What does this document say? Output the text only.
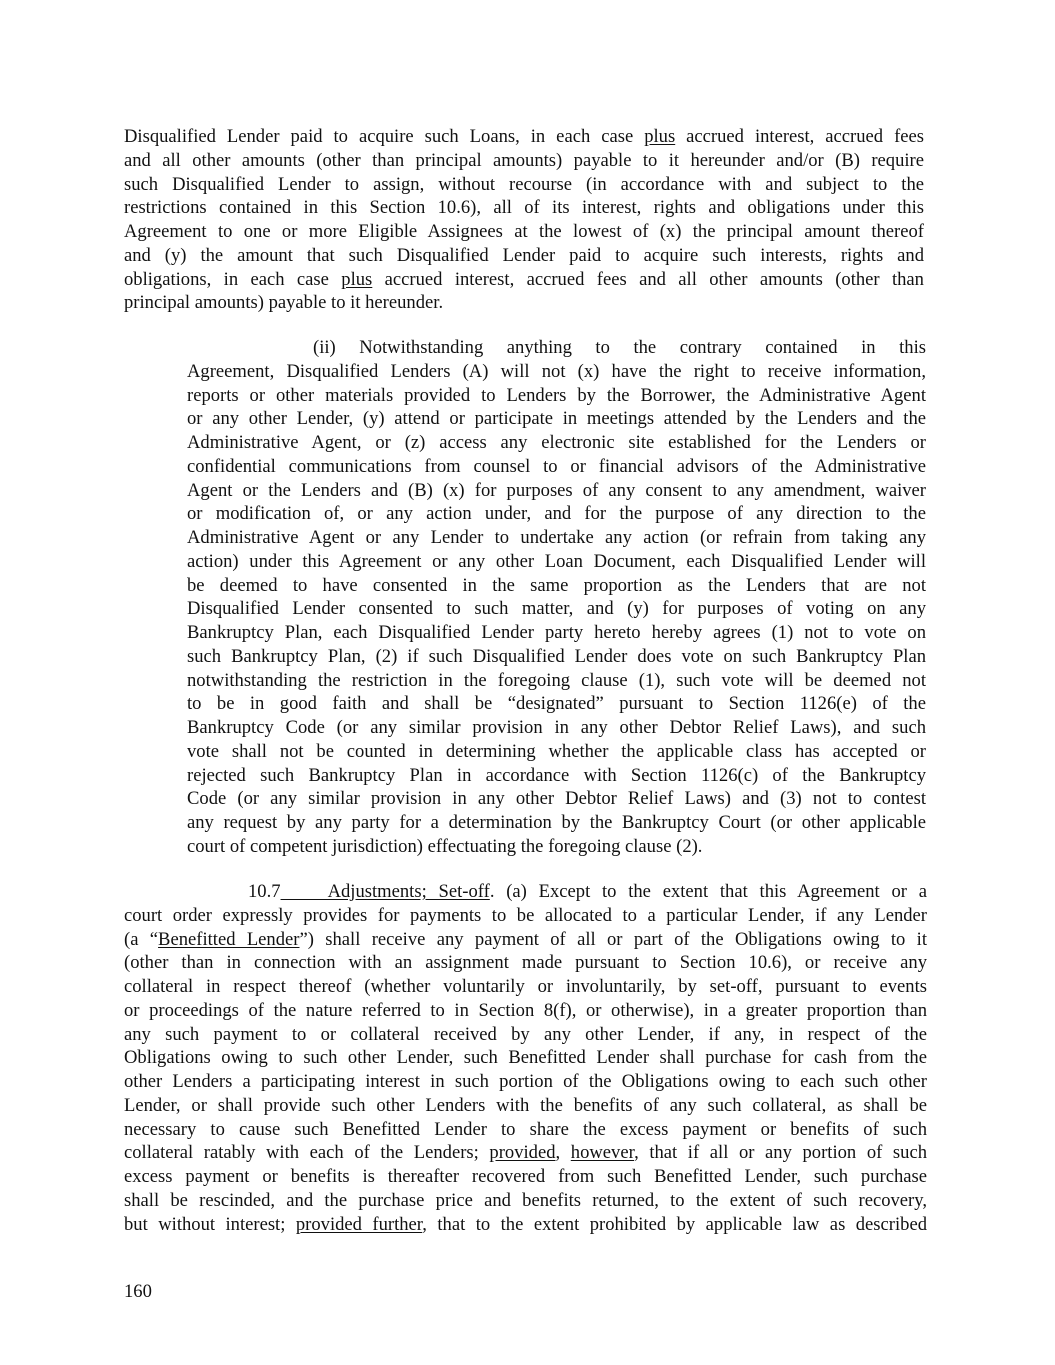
Disqualified Lender paid to acquire such Loans, in each case plus accrued interest, accrued fees
and all other amounts (other than principal amounts) payable to it hereunder and/or (B) require
such Disqualified Lender to assign, without recourse (in accordance with and subject to the
restrictions contained in this Section 10.6), all of its interest, rights and obligations under this
Agreement to one or more Eligible Assignees at the lowest of (x) the principal amount thereof
and (y) the amount that such Disqualified Lender paid to acquire such interests, rights and
obligations, in each case plus accrued interest, accrued fees and all other amounts (other than
principal amounts) payable to it hereunder.
(ii) Notwithstanding anything to the contrary contained in this
Agreement, Disqualified Lenders (A) will not (x) have the right to receive information,
reports or other materials provided to Lenders by the Borrower, the Administrative Agent
or any other Lender, (y) attend or participate in meetings attended by the Lenders and the
Administrative Agent, or (z) access any electronic site established for the Lenders or
confidential communications from counsel to or financial advisors of the Administrative
Agent or the Lenders and (B) (x) for purposes of any consent to any amendment, waiver
or modification of, or any action under, and for the purpose of any direction to the
Administrative Agent or any Lender to undertake any action (or refrain from taking any
action) under this Agreement or any other Loan Document, each Disqualified Lender will
be deemed to have consented in the same proportion as the Lenders that are not
Disqualified Lender consented to such matter, and (y) for purposes of voting on any
Bankruptcy Plan, each Disqualified Lender party hereto hereby agrees (1) not to vote on
such Bankruptcy Plan, (2) if such Disqualified Lender does vote on such Bankruptcy Plan
notwithstanding the restriction in the foregoing clause (1), such vote will be deemed not
to be in good faith and shall be “designated” pursuant to Section 1126(e) of the
Bankruptcy Code (or any similar provision in any other Debtor Relief Laws), and such
vote shall not be counted in determining whether the applicable class has accepted or
rejected such Bankruptcy Plan in accordance with Section 1126(c) of the Bankruptcy
Code (or any similar provision in any other Debtor Relief Laws) and (3) not to contest
any request by any party for a determination by the Bankruptcy Court (or other applicable
court of competent jurisdiction) effectuating the foregoing clause (2).
10.7    Adjustments; Set-off. (a) Except to the extent that this Agreement or a
court order expressly provides for payments to be allocated to a particular Lender, if any Lender
(a “Benefitted Lender”) shall receive any payment of all or part of the Obligations owing to it
(other than in connection with an assignment made pursuant to Section 10.6), or receive any
collateral in respect thereof (whether voluntarily or involuntarily, by set-off, pursuant to events
or proceedings of the nature referred to in Section 8(f), or otherwise), in a greater proportion than
any such payment to or collateral received by any other Lender, if any, in respect of the
Obligations owing to such other Lender, such Benefitted Lender shall purchase for cash from the
other Lenders a participating interest in such portion of the Obligations owing to each such other
Lender, or shall provide such other Lenders with the benefits of any such collateral, as shall be
necessary to cause such Benefitted Lender to share the excess payment or benefits of such
collateral ratably with each of the Lenders; provided, however, that if all or any portion of such
excess payment or benefits is thereafter recovered from such Benefitted Lender, such purchase
shall be rescinded, and the purchase price and benefits returned, to the extent of such recovery,
but without interest; provided further, that to the extent prohibited by applicable law as described
160
